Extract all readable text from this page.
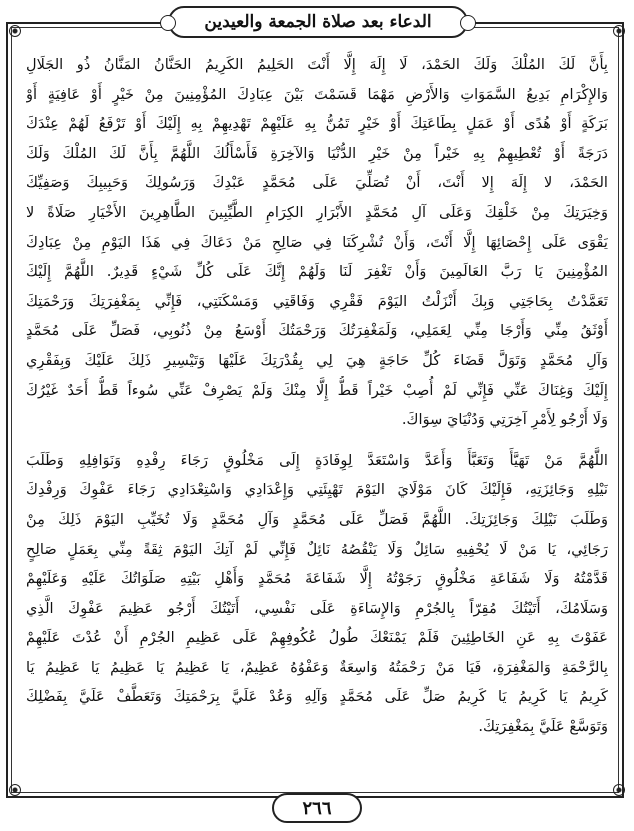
الدعاء بعد صلاة الجمعة والعيدين
بِأَنَّ لَكَ المُلْكَ وَلَكَ الحَمْدَ، لَا إِلَهَ إِلَّا أَنْتَ الحَلِيمُ الكَرِيمُ الحَنَّانُ المَنَّانُ ذُو الجَلَالِ
وَالإِكْرَامِ بَدِيعُ السَّمَوَاتِ وَالأَرْضِ مَهْمَا قَسَمْتَ بَيْنَ عِبَادِكَ المُؤْمِنِينَ مِنْ خَيْرٍ أَوْ عَافِيَةٍ أَوْ
بَرَكَةٍ أَوْ هُدًى أَوْ عَمَلٍ بِطَاعَتِكَ أَوْ خَيْرٍ تَمُنُّ بِهِ عَلَيْهِمْ تَهْدِيهِمْ بِهِ إِلَيْكَ أَوْ تَرْفَعُ لَهُمْ عِنْدَكَ
دَرَجَةً أَوْ تُعْطِيهِمْ بِهِ خَيْراً مِنْ خَيْرِ الدُّنْيَا وَالآخِرَةِ فَأَسْأَلُكَ اللَّهُمَّ بِأَنَّ لَكَ المُلْكَ وَلَكَ
الحَمْدَ، لا إِلَهَ إِلا أَنْتَ، أَنْ تُصَلِّيَ عَلَى مُحَمَّدٍ عَبْدِكَ وَرَسُولِكَ وَحَبِيبِكَ وَصَفِيِّكَ
وَخِيَرَتِكَ مِنْ خَلْقِكَ وَعَلَى آلِ مُحَمَّدٍ الأَبْرَارِ الكِرَامِ الطَّيِّبِينَ الطَّاهِرِينَ الأَخْيَارِ صَلَاةً لا
يَقْوَى عَلَى إِحْصَائِهَا إِلَّا أَنْتَ، وَأَنْ تُشْرِكَنَا فِي صَالِحِ مَنْ دَعَاكَ فِي هَذَا اليَوْمِ مِنْ عِبَادِكَ
المُؤْمِنِينَ يَا رَبَّ العَالَمِينَ وَأَنْ تَغْفِرَ لَنَا وَلَهُمْ إِنَّكَ عَلَى كُلِّ شَيْءٍ قَدِيرٌ. اللَّهُمَّ إِلَيْكَ
تَعَمَّدْتُ بِحَاجَتِي وَبِكَ أَنْزَلْتُ اليَوْمَ فَقْرِي وَفَاقَتِي وَمَسْكَنَتِي، فَإِنِّي بِمَغْفِرَتِكَ وَرَحْمَتِكَ
أَوْثَقُ مِنِّي وَأَرْجَا مِنِّي لِعَمَلِي، وَلَمَغْفِرَتُكَ وَرَحْمَتُكَ أَوْسَعُ مِنْ ذُنُوبِي، فَصَلِّ عَلَى مُحَمَّدٍ
وَآلِ مُحَمَّدٍ وَتَوَلَّ قَضَاءَ كُلِّ حَاجَةٍ هِيَ لِي بِقُدْرَتِكَ عَلَيْهَا وَتَيْسِيرِ ذَلِكَ عَلَيْكَ وَبِفَقْرِي
إِلَيْكَ وَغِنَاكَ عَنِّي فَإِنِّي لَمْ أُصِبْ خَيْراً قَطُّ إِلَّا مِنْكَ وَلَمْ يَصْرِفْ عَنِّي سُوءاً قَطُّ أَحَدٌ غَيْرُكَ
وَلَا أَرْجُو لِأَمْرِ آخِرَتِي وَدُنْيَايَ سِوَاكَ.
اللَّهُمَّ مَنْ تَهَيَّأَ وَتَعَبَّأَ وَأَعَدَّ وَاسْتَعَدَّ لِوِفَادَةٍ إِلَى مَخْلُوقٍ رَجَاءَ رِفْدِهِ وَنَوَافِلِهِ وَطَلَبَ
نَيْلِهِ وَجَائِزَتِهِ، فَإِلَيْكَ كَانَ مَوْلَايَ اليَوْمَ تَهْيِئَتِي وَإِعْدَادِي وَاسْتِعْدَادِي رَجَاءَ عَفْوِكَ وَرِفْدِكَ
وَطَلَبَ نَيْلِكَ وَجَائِزَتِكَ. اللَّهُمَّ فَصَلِّ عَلَى مُحَمَّدٍ وَآلِ مُحَمَّدٍ وَلَا تُخَيِّبِ اليَوْمَ ذَلِكَ مِنْ
رَجَائِي، يَا مَنْ لَا يُحْفِيهِ سَائِلٌ وَلَا يَنْقُصُهُ نَائِلٌ فَإِنِّي لَمْ آتِكَ اليَوْمَ ثِقَةً مِنِّي بِعَمَلٍ صَالِحٍ
قَدَّمْتُهُ وَلَا شَفَاعَةِ مَخْلُوقٍ رَجَوْتُهُ إِلَّا شَفَاعَةَ مُحَمَّدٍ وَأَهْلِ بَيْتِهِ صَلَوَاتُكَ عَلَيْهِ وَعَلَيْهِمْ
وَسَلَامُكَ، أَتَيْتُكَ مُقِرّاً بِالجُرْمِ وَالإِسَاءَةِ عَلَى نَفْسِي، أَتَيْتُكَ أَرْجُو عَظِيمَ عَفْوِكَ الَّذِي
عَفَوْتَ بِهِ عَنِ الخَاطِئِينَ فَلَمْ يَمْنَعْكَ طُولُ عُكُوفِهِمْ عَلَى عَظِيمِ الجُرْمِ أَنْ عُدْتَ عَلَيْهِمْ
بِالرَّحْمَةِ وَالمَغْفِرَةِ، فَيَا مَنْ رَحْمَتُهُ وَاسِعَةٌ وَعَفْوُهُ عَظِيمٌ، يَا عَظِيمُ يَا عَظِيمُ يَا عَظِيمُ يَا
كَرِيمُ يَا كَرِيمُ يَا كَرِيمُ صَلِّ عَلَى مُحَمَّدٍ وَآلِهِ وَعُدْ عَلَيَّ بِرَحْمَتِكَ وَتَعَطَّفْ عَلَيَّ بِفَضْلِكَ
وَتَوَسَّعْ عَلَيَّ بِمَغْفِرَتِكَ.
٢٦٦
